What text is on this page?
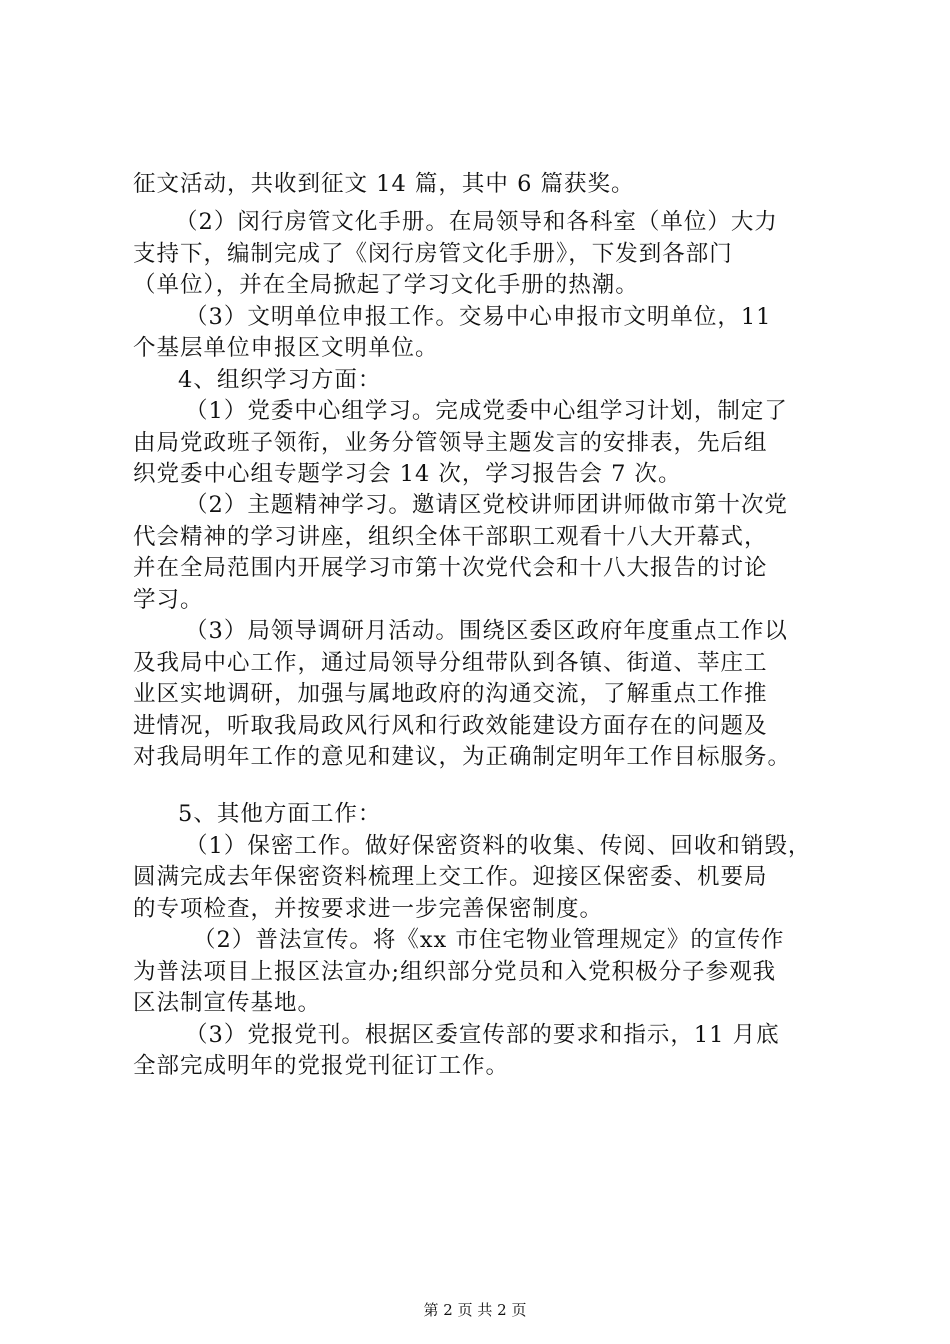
征文活动，共收到征文 14 篇，其中 6 篇获奖。
（2）闵行房管文化手册。在局领导和各科室（单位）大力
支持下，编制完成了《闵行房管文化手册》，下发到各部门
（单位），并在全局掀起了学习文化手册的热潮。
（3）文明单位申报工作。交易中心申报市文明单位，11
个基层单位申报区文明单位。
4、组织学习方面：
（1）党委中心组学习。完成党委中心组学习计划，制定了
由局党政班子领衔，业务分管领导主题发言的安排表，先后组
织党委中心组专题学习会 14 次，学习报告会 7 次。
（2）主题精神学习。邀请区党校讲师团讲师做市第十次党
代会精神的学习讲座，组织全体干部职工观看十八大开幕式，
并在全局范围内开展学习市第十次党代会和十八大报告的讨论
学习。
（3）局领导调研月活动。围绕区委区政府年度重点工作以
及我局中心工作，通过局领导分组带队到各镇、街道、莘庄工
业区实地调研，加强与属地政府的沟通交流，了解重点工作推
进情况，听取我局政风行风和行政效能建设方面存在的问题及
对我局明年工作的意见和建议，为正确制定明年工作目标服务。
5、其他方面工作：
（1）保密工作。做好保密资料的收集、传阅、回收和销毁，
圆满完成去年保密资料梳理上交工作。迎接区保密委、机要局
的专项检查，并按要求进一步完善保密制度。
（2）普法宣传。将《xx 市住宅物业管理规定》的宣传作
为普法项目上报区法宣办;组织部分党员和入党积极分子参观我
区法制宣传基地。
（3）党报党刊。根据区委宣传部的要求和指示，11 月底
全部完成明年的党报党刊征订工作。
第 2 页 共 2 页
